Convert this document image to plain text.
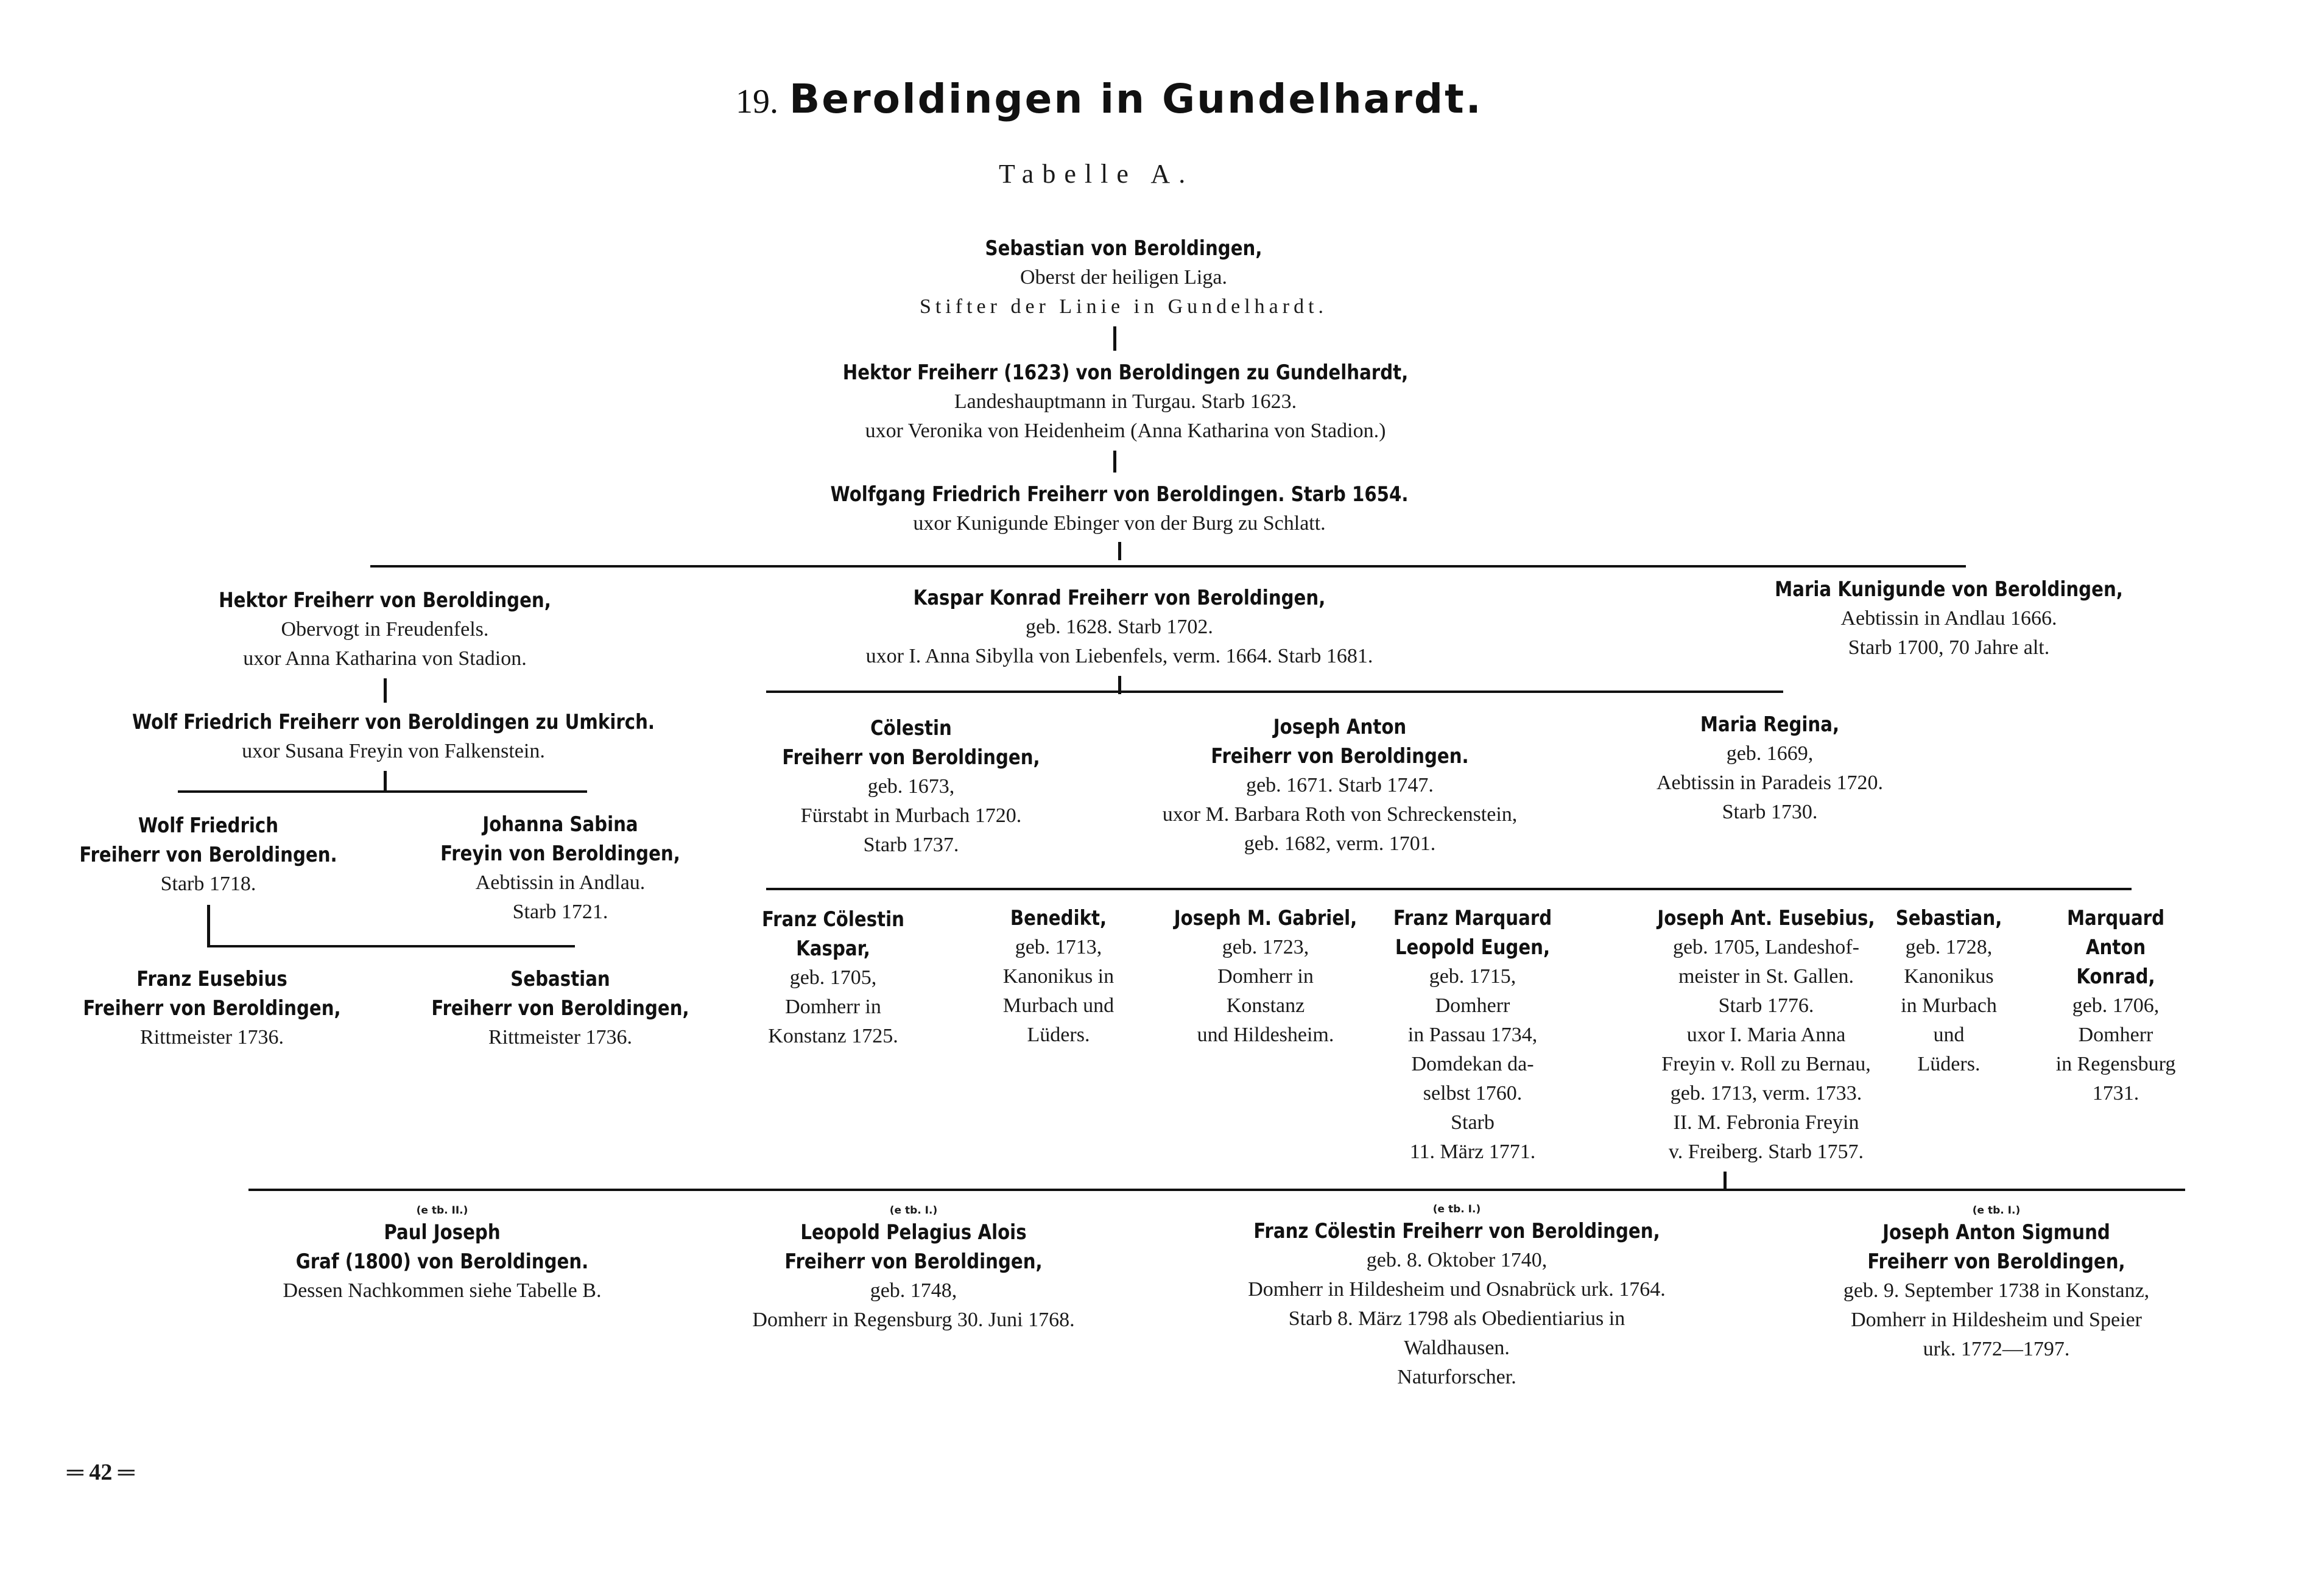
19. Beroldingen in Gundelhardt.
Tabelle A.
Sebastian von Beroldingen,
Oberst der heiligen Liga.
Stifter der Linie in Gundelhardt.
Hektor Freiherr (1623) von Beroldingen zu Gundelhardt,
Landeshauptmann in Turgau. Starb 1623.
uxor Veronika von Heidenheim (Anna Katharina von Stadion.)
Wolfgang Friedrich Freiherr von Beroldingen. Starb 1654.
uxor Kunigunde Ebinger von der Burg zu Schlatt.
Hektor Freiherr von Beroldingen,
Obervogt in Freudenfels.
uxor Anna Katharina von Stadion.
Kaspar Konrad Freiherr von Beroldingen,
geb. 1628. Starb 1702.
uxor I. Anna Sibylla von Liebenfels, verm. 1664. Starb 1681.
Maria Kunigunde von Beroldingen,
Aebtissin in Andlau 1666.
Starb 1700, 70 Jahre alt.
Wolf Friedrich Freiherr von Beroldingen zu Umkirch.
uxor Susana Freyin von Falkenstein.
Cölestin
Freiherr von Beroldingen,
geb. 1673,
Fürstabt in Murbach 1720.
Starb 1737.
Joseph Anton
Freiherr von Beroldingen.
geb. 1671. Starb 1747.
uxor M. Barbara Roth von Schreckenstein,
geb. 1682, verm. 1701.
Maria Regina,
geb. 1669,
Aebtissin in Paradeis 1720.
Starb 1730.
Wolf Friedrich
Freiherr von Beroldingen.
Starb 1718.
Johanna Sabina
Freyin von Beroldingen,
Aebtissin in Andlau.
Starb 1721.
Franz Eusebius
Freiherr von Beroldingen,
Rittmeister 1736.
Sebastian
Freiherr von Beroldingen,
Rittmeister 1736.
Franz Cölestin
Kaspar,
geb. 1705,
Domherr in
Konstanz 1725.
Benedikt,
geb. 1713,
Kanonikus in
Murbach und
Lüders.
Joseph M. Gabriel,
geb. 1723,
Domherr in
Konstanz
und Hildesheim.
Franz Marquard
Leopold Eugen,
geb. 1715,
Domherr
in Passau 1734,
Domdekan da-
selbst 1760.
Starb
11. März 1771.
Joseph Ant. Eusebius,
geb. 1705, Landeshof-
meister in St. Gallen.
Starb 1776.
uxor I. Maria Anna
Freyin v. Roll zu Bernau,
geb. 1713, verm. 1733.
II. M. Febronia Freyin
v. Freiberg. Starb 1757.
Sebastian,
geb. 1728,
Kanonikus
in Murbach
und
Lüders.
Marquard
Anton
Konrad,
geb. 1706,
Domherr
in Regensburg
1731.
(e tb. II.)
Paul Joseph
Graf (1800) von Beroldingen.
Dessen Nachkommen siehe Tabelle B.
(e tb. I.)
Leopold Pelagius Alois
Freiherr von Beroldingen,
geb. 1748,
Domherr in Regensburg 30. Juni 1768.
(e tb. I.)
Franz Cölestin Freiherr von Beroldingen,
geb. 8. Oktober 1740,
Domherr in Hildesheim und Osnabrück urk. 1764.
Starb 8. März 1798 als Obedientiarius in
Waldhausen.
Naturforscher.
(e tb. I.)
Joseph Anton Sigmund
Freiherr von Beroldingen,
geb. 9. September 1738 in Konstanz,
Domherr in Hildesheim und Speier
urk. 1772—1797.
═ 42 ═
